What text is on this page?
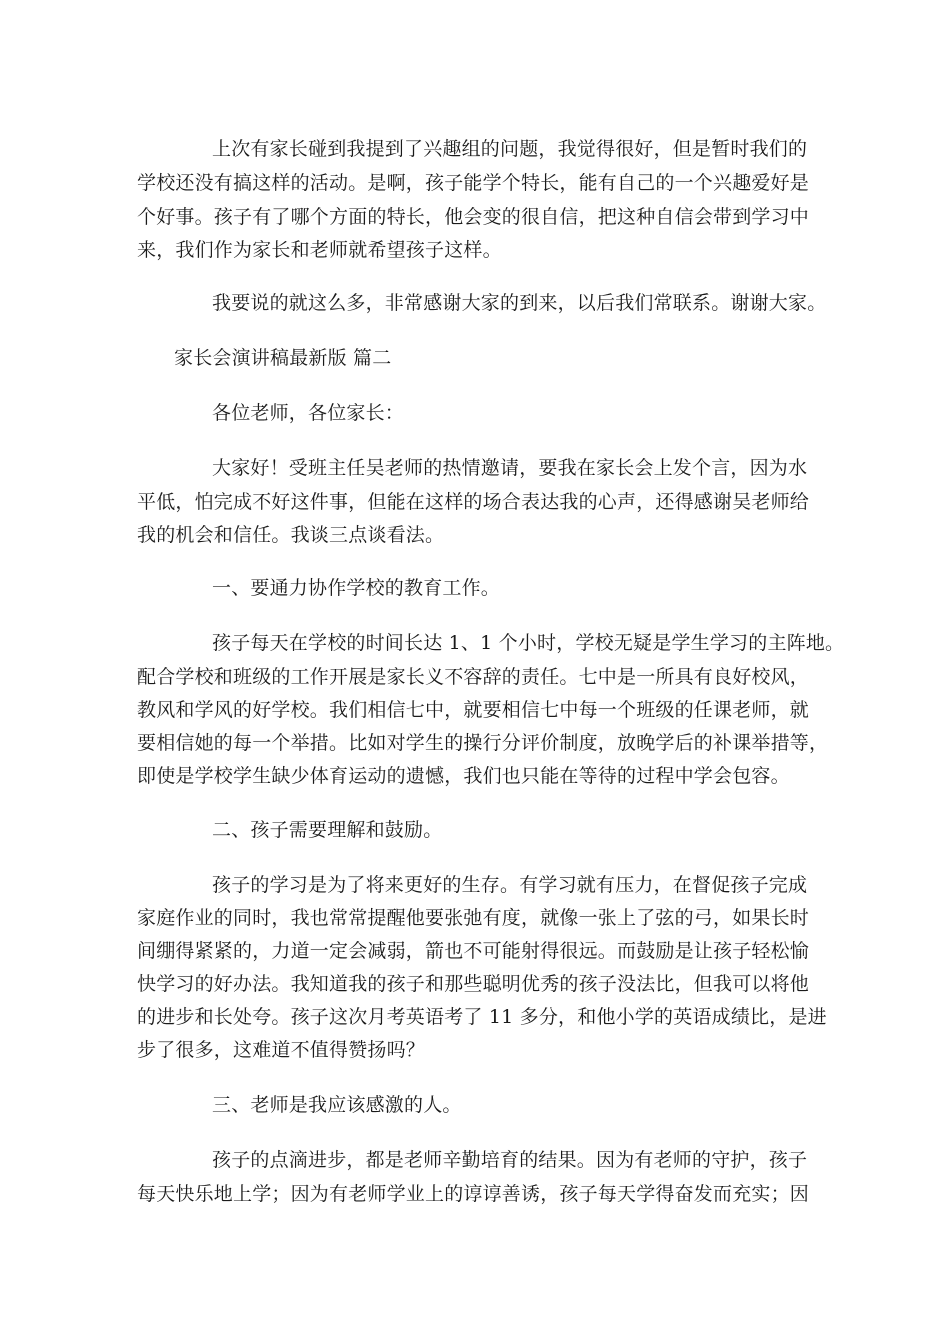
上次有家长碰到我提到了兴趣组的问题，我觉得很好，但是暂时我们的
学校还没有搞这样的活动。是啊，孩子能学个特长，能有自己的一个兴趣爱好是
个好事。孩子有了哪个方面的特长，他会变的很自信，把这种自信会带到学习中
来，我们作为家长和老师就希望孩子这样。
我要说的就这么多，非常感谢大家的到来，以后我们常联系。谢谢大家。
家长会演讲稿最新版 篇二
各位老师，各位家长：
大家好！受班主任吴老师的热情邀请，要我在家长会上发个言，因为水
平低，怕完成不好这件事，但能在这样的场合表达我的心声，还得感谢吴老师给
我的机会和信任。我谈三点谈看法。
一、要通力协作学校的教育工作。
孩子每天在学校的时间长达 1、1 个小时，学校无疑是学生学习的主阵地。
配合学校和班级的工作开展是家长义不容辞的责任。七中是一所具有良好校风，
教风和学风的好学校。我们相信七中，就要相信七中每一个班级的任课老师，就
要相信她的每一个举措。比如对学生的操行分评价制度，放晚学后的补课举措等，
即使是学校学生缺少体育运动的遗憾，我们也只能在等待的过程中学会包容。
二、孩子需要理解和鼓励。
孩子的学习是为了将来更好的生存。有学习就有压力，在督促孩子完成
家庭作业的同时，我也常常提醒他要张弛有度，就像一张上了弦的弓，如果长时
间绷得紧紧的，力道一定会减弱，箭也不可能射得很远。而鼓励是让孩子轻松愉
快学习的好办法。我知道我的孩子和那些聪明优秀的孩子没法比，但我可以将他
的进步和长处夸。孩子这次月考英语考了 11 多分，和他小学的英语成绩比，是进
步了很多，这难道不值得赞扬吗？
三、老师是我应该感激的人。
孩子的点滴进步，都是老师辛勤培育的结果。因为有老师的守护，孩子
每天快乐地上学；因为有老师学业上的谆谆善诱，孩子每天学得奋发而充实；因
